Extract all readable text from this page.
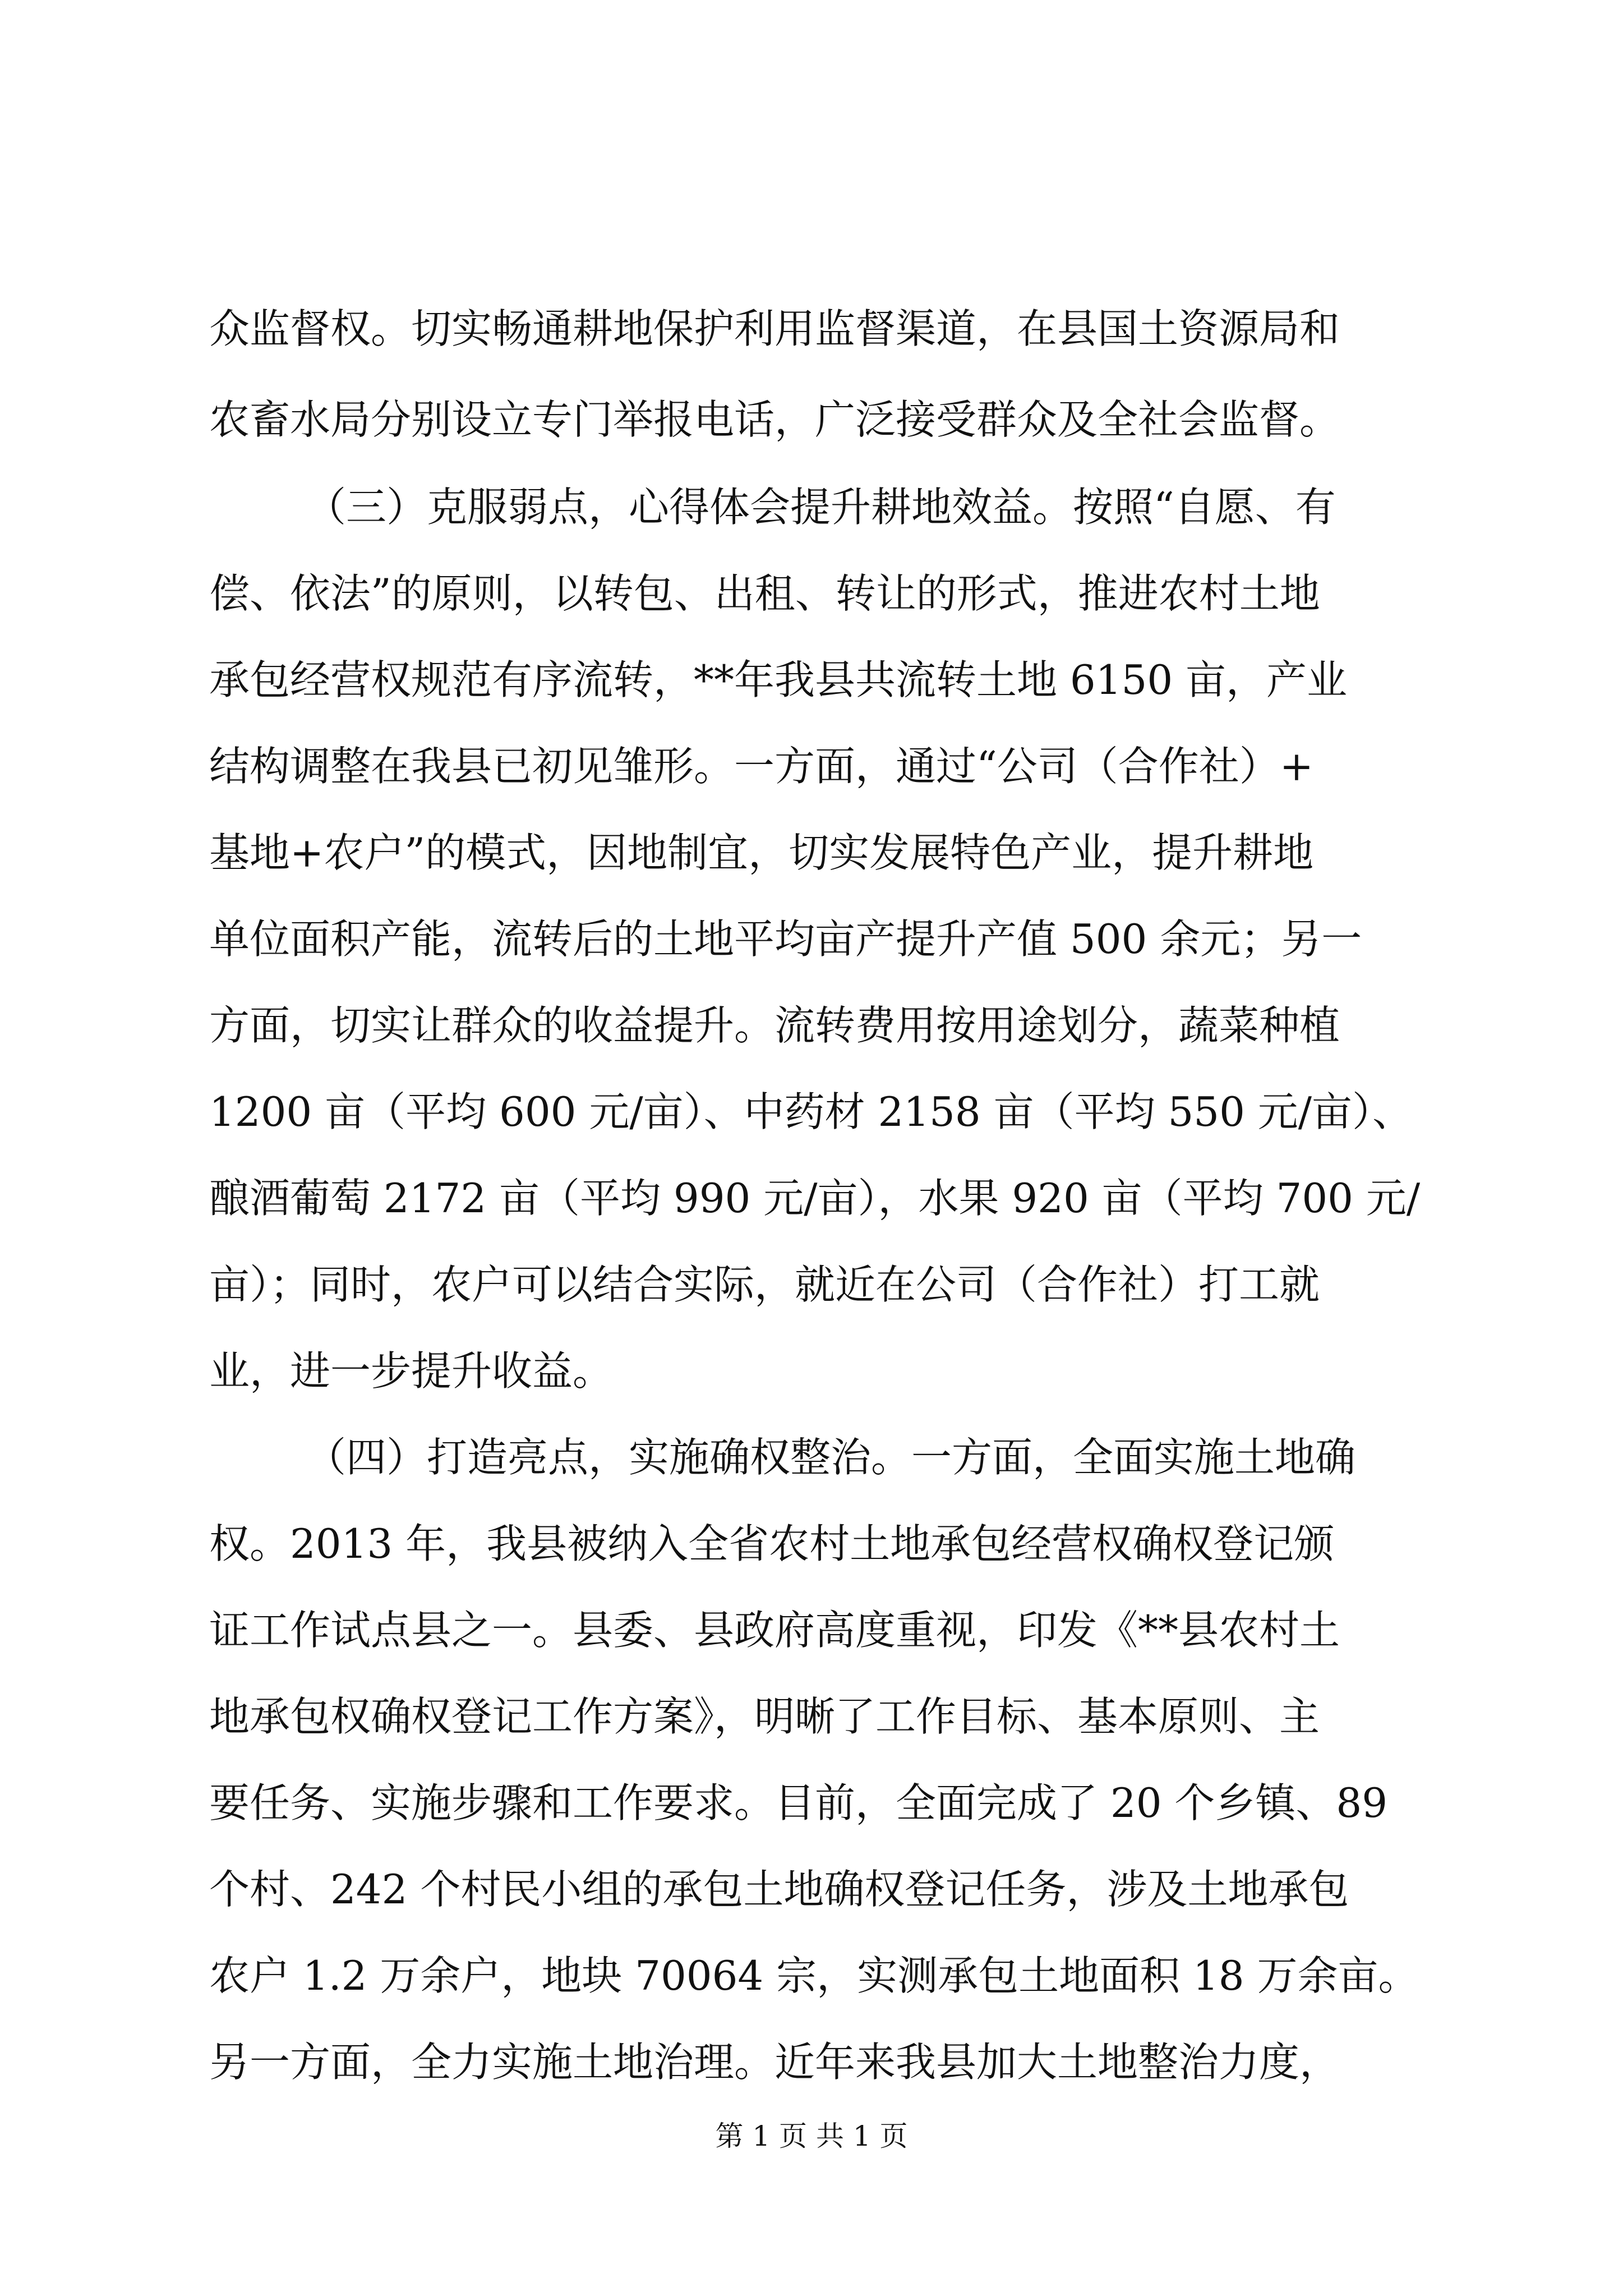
众监督权。切实畅通耕地保护利用监督渠道，在县国土资源局和
农畜水局分别设立专门举报电话，广泛接受群众及全社会监督。
（三）克服弱点，心得体会提升耕地效益。按照“自愿、有
偿、依法”的原则，以转包、出租、转让的形式，推进农村土地
承包经营权规范有序流转，**年我县共流转土地 6150 亩，产业
结构调整在我县已初见雏形。一方面，通过“公司（合作社）+
基地+农户”的模式，因地制宜，切实发展特色产业，提升耕地
单位面积产能，流转后的土地平均亩产提升产值 500 余元；另一
方面，切实让群众的收益提升。流转费用按用途划分，蔬菜种植
1200 亩（平均 600 元/亩）、中药材 2158 亩（平均 550 元/亩）、
酿酒葡萄 2172 亩（平均 990 元/亩），水果 920 亩（平均 700 元/
亩）；同时，农户可以结合实际，就近在公司（合作社）打工就
业，进一步提升收益。
（四）打造亮点，实施确权整治。一方面，全面实施土地确
权。2013 年，我县被纳入全省农村土地承包经营权确权登记颁
证工作试点县之一。县委、县政府高度重视，印发《**县农村土
地承包权确权登记工作方案》，明晰了工作目标、基本原则、主
要任务、实施步骤和工作要求。目前，全面完成了 20 个乡镇、89
个村、242 个村民小组的承包土地确权登记任务，涉及土地承包
农户 1.2 万余户，地块 70064 宗，实测承包土地面积 18 万余亩。
另一方面，全力实施土地治理。近年来我县加大土地整治力度，
第 1 页 共 1 页
